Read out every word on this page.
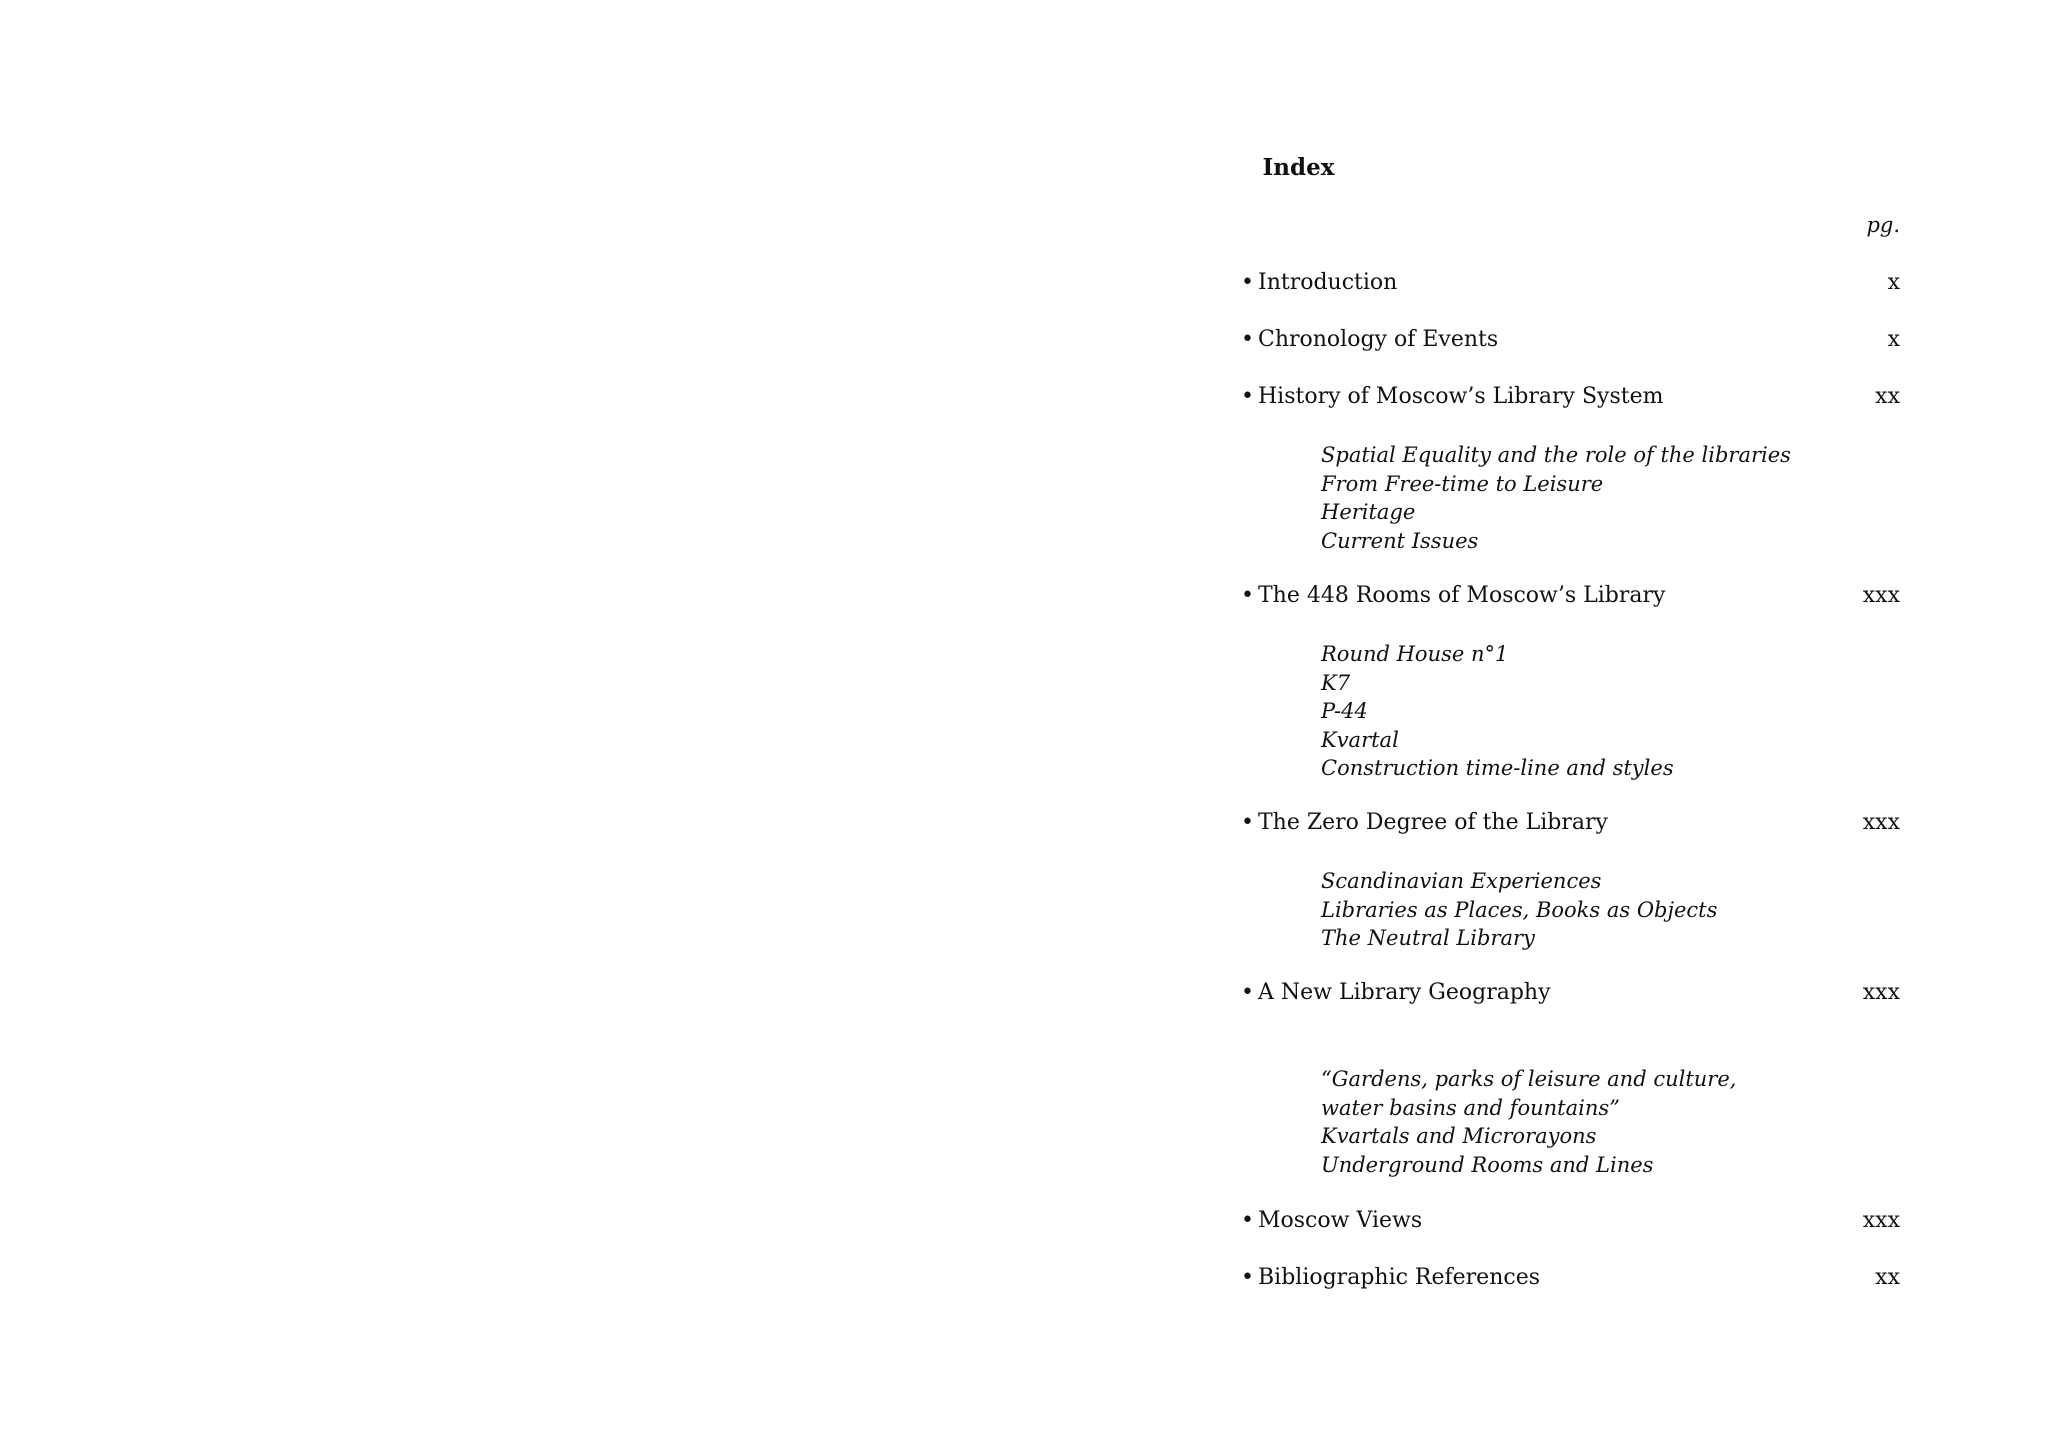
Index
pg.
• Introduction	x
• Chronology of Events	x
• History of Moscow’s Library System	xx
Spatial Equality and the role of the libraries
From Free-time to Leisure
Heritage
Current Issues
• The 448 Rooms of Moscow’s Library	xxx
Round House n°1
K7
P-44
Kvartal
Construction time-line and styles
• The Zero Degree of the Library	xxx
Scandinavian Experiences
Libraries as Places, Books as Objects
The Neutral Library
• A New Library Geography	xxx
“Gardens, parks of leisure and culture, water basins and fountains”
Kvartals and Microrayons
Underground Rooms and Lines
• Moscow Views	xxx
• Bibliographic References	xx
